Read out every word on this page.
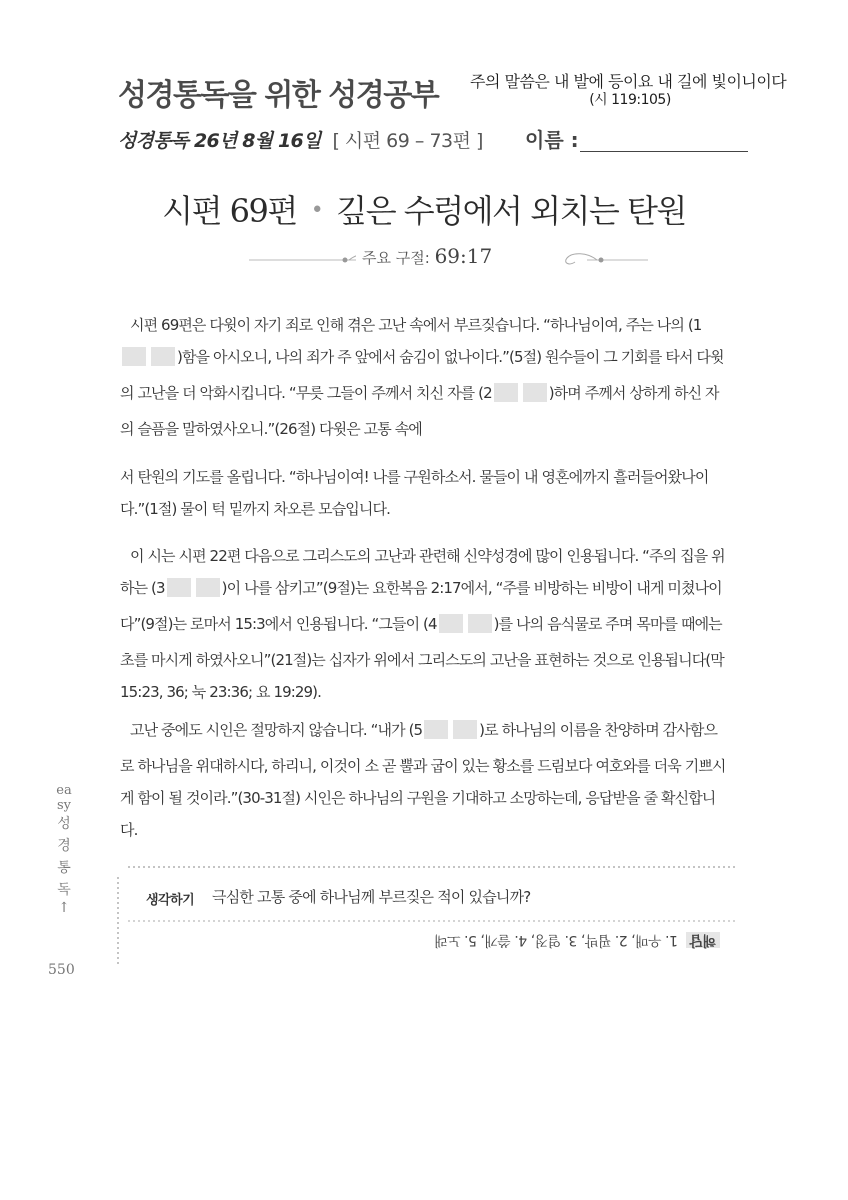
성경통독을 위한 성경공부 주의 말씀은 내 발에 등이요 내 길에 빛이니이다
(시 119:105)
성경통독 26년 8월 16일 [ 시편 69 – 73편 ] 이름 :
시편 69편 • 깊은 수렁에서 외치는 탄원
주요 구절: 69:17

시편 69편은 다윗이 자기 죄로 인해 겪은 고난 속에서 부르짖습니다. “하나님이여, 주는 나의 (1)함을 아시오니, 나의 죄가 주 앞에서 숨김이 없나이다.”(5절) 원수들이 그 기회를 타서 다윗의 고난을 더 악화시킵니다. “무릇 그들이 주께서 치신 자를 (2	)하며 주께서 상하게 하신 자의 슬픔을 말하였사오니.”(26절) 다윗은 고통 속에

서 탄원의 기도를 올립니다. “하나님이여! 나를 구원하소서. 물들이 내 영혼에까지 흘러들어왔나이다.”(1절) 물이 턱 밑까지 차오른 모습입니다.

이 시는 시편 22편 다음으로 그리스도의 고난과 관련해 신약성경에 많이 인용됩니다. “주의 집을 위하는 (3	)이 나를 삼키고”(9절)는 요한복음 2:17에서, “주를 비방하는 비방이 내게 미쳤나이다”(9절)는 로마서 15:3에서 인용됩니다. “그들이 (4	)를 나의 음식물로 주며 목마를 때에는 초를 마시게 하였사오니”(21절)는 십자가 위에서 그리스도의 고난을 표현하는 것으로 인용됩니다(막 15:23, 36; 눅 23:36; 요 19:29).

고난 중에도 시인은 절망하지 않습니다. “내가 (5	)로 하나님의 이름을 찬양하며 감사함으로 하나님을 위대하시다, 하리니, 이것이 소 곧 뿔과 굽이 있는 황소를 드림보다 여호와를 더욱 기쁘시게 함이 될 것이라.”(30-31절) 시인은 하나님의 구원을 기대하고 소망하는데, 응답받을 줄 확신합니다.

easy
성경통독
↑
550
생각하기 극심한 고통 중에 하나님께 부르짖은 적이 있습니까?
해답1. 우매, 2. 핍박, 3. 열정, 4. 쓸개, 5. 노래
